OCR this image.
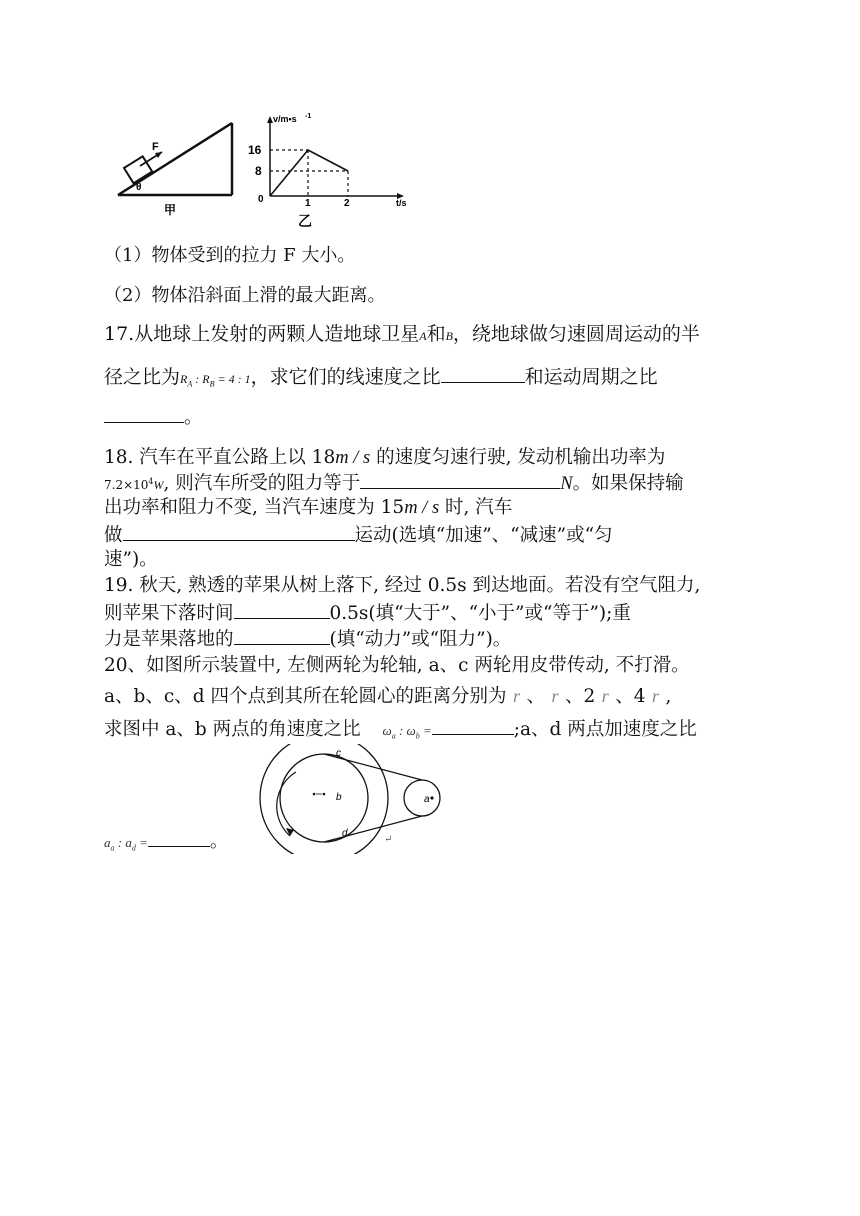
F
θ
甲
v/m•s -1
16
8
0	1	2	t/s
乙
（1）物体受到的拉力 F 大小。
（2）物体沿斜面上滑的最大距离。
17.从地球上发射的两颗人造地球卫星A和B，绕地球做匀速圆周运动的半
径之比为$R_A$ : $R_B = 4$ : 1，求它们的线速度之比	和运动周期之比
。
18. 汽车在平直公路上以 18m / s 的速度匀速行驶, 发动机输出功率为
$7.2\times 10^4W$, 则汽车所受的阻力等于	N。如果保持输
出功率和阻力不变, 当汽车速度为 15m / s 时, 汽车
做	运动(选填“加速”、“减速”或“匀
速”)。
19. 秋天, 熟透的苹果从树上落下, 经过 0.5s 到达地面。若没有空气阻力,
则苹果下落时间	0.5s(填“大于”、“小于”或“等于”);重
力是苹果落地的	(填“动力”或“阻力”)。
20、如图所示装置中, 左侧两轮为轮轴, a、c 两轮用皮带传动, 不打滑。
a、b、c、d 四个点到其所在轮圆心的距离分别为 r 、 r 、2 r 、4 r ,
求图中 a、b 两点的角速度之比 $\omega_a$ : $\omega_b$ =	;a、d 两点加速度之比
c
b
d
a
$a_a$ : $a_d$ =	。	↵
